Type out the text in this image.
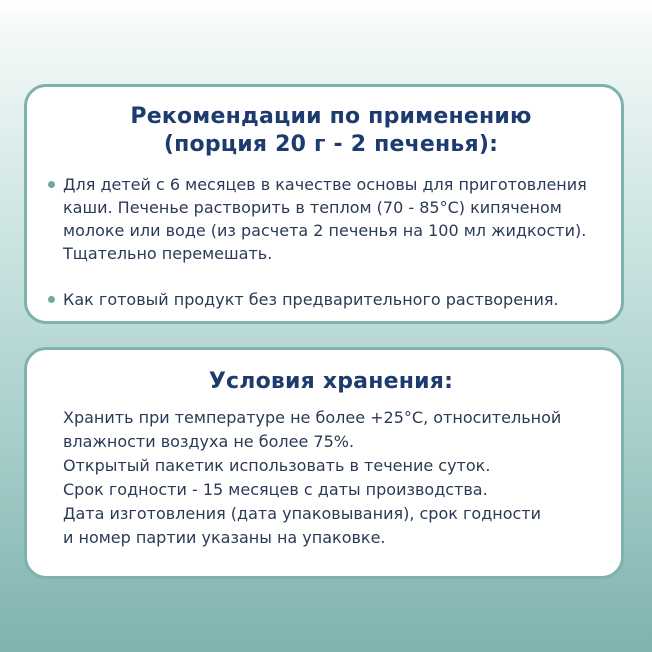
Рекомендации по применению
(порция 20 г - 2 печенья):
Для детей с 6 месяцев в качестве основы для приготовления каши. Печенье растворить в теплом (70 - 85°С) кипяченом молоке или воде (из расчета 2 печенья на 100 мл жидкости). Тщательно перемешать.
Как готовый продукт без предварительного растворения.
Условия хранения:
Хранить при температуре не более +25°С, относительной
влажности воздуха не более 75%.
Открытый пакетик использовать в течение суток.
Срок годности - 15 месяцев с даты производства.
Дата изготовления (дата упаковывания), срок годности
и номер партии указаны на упаковке.
